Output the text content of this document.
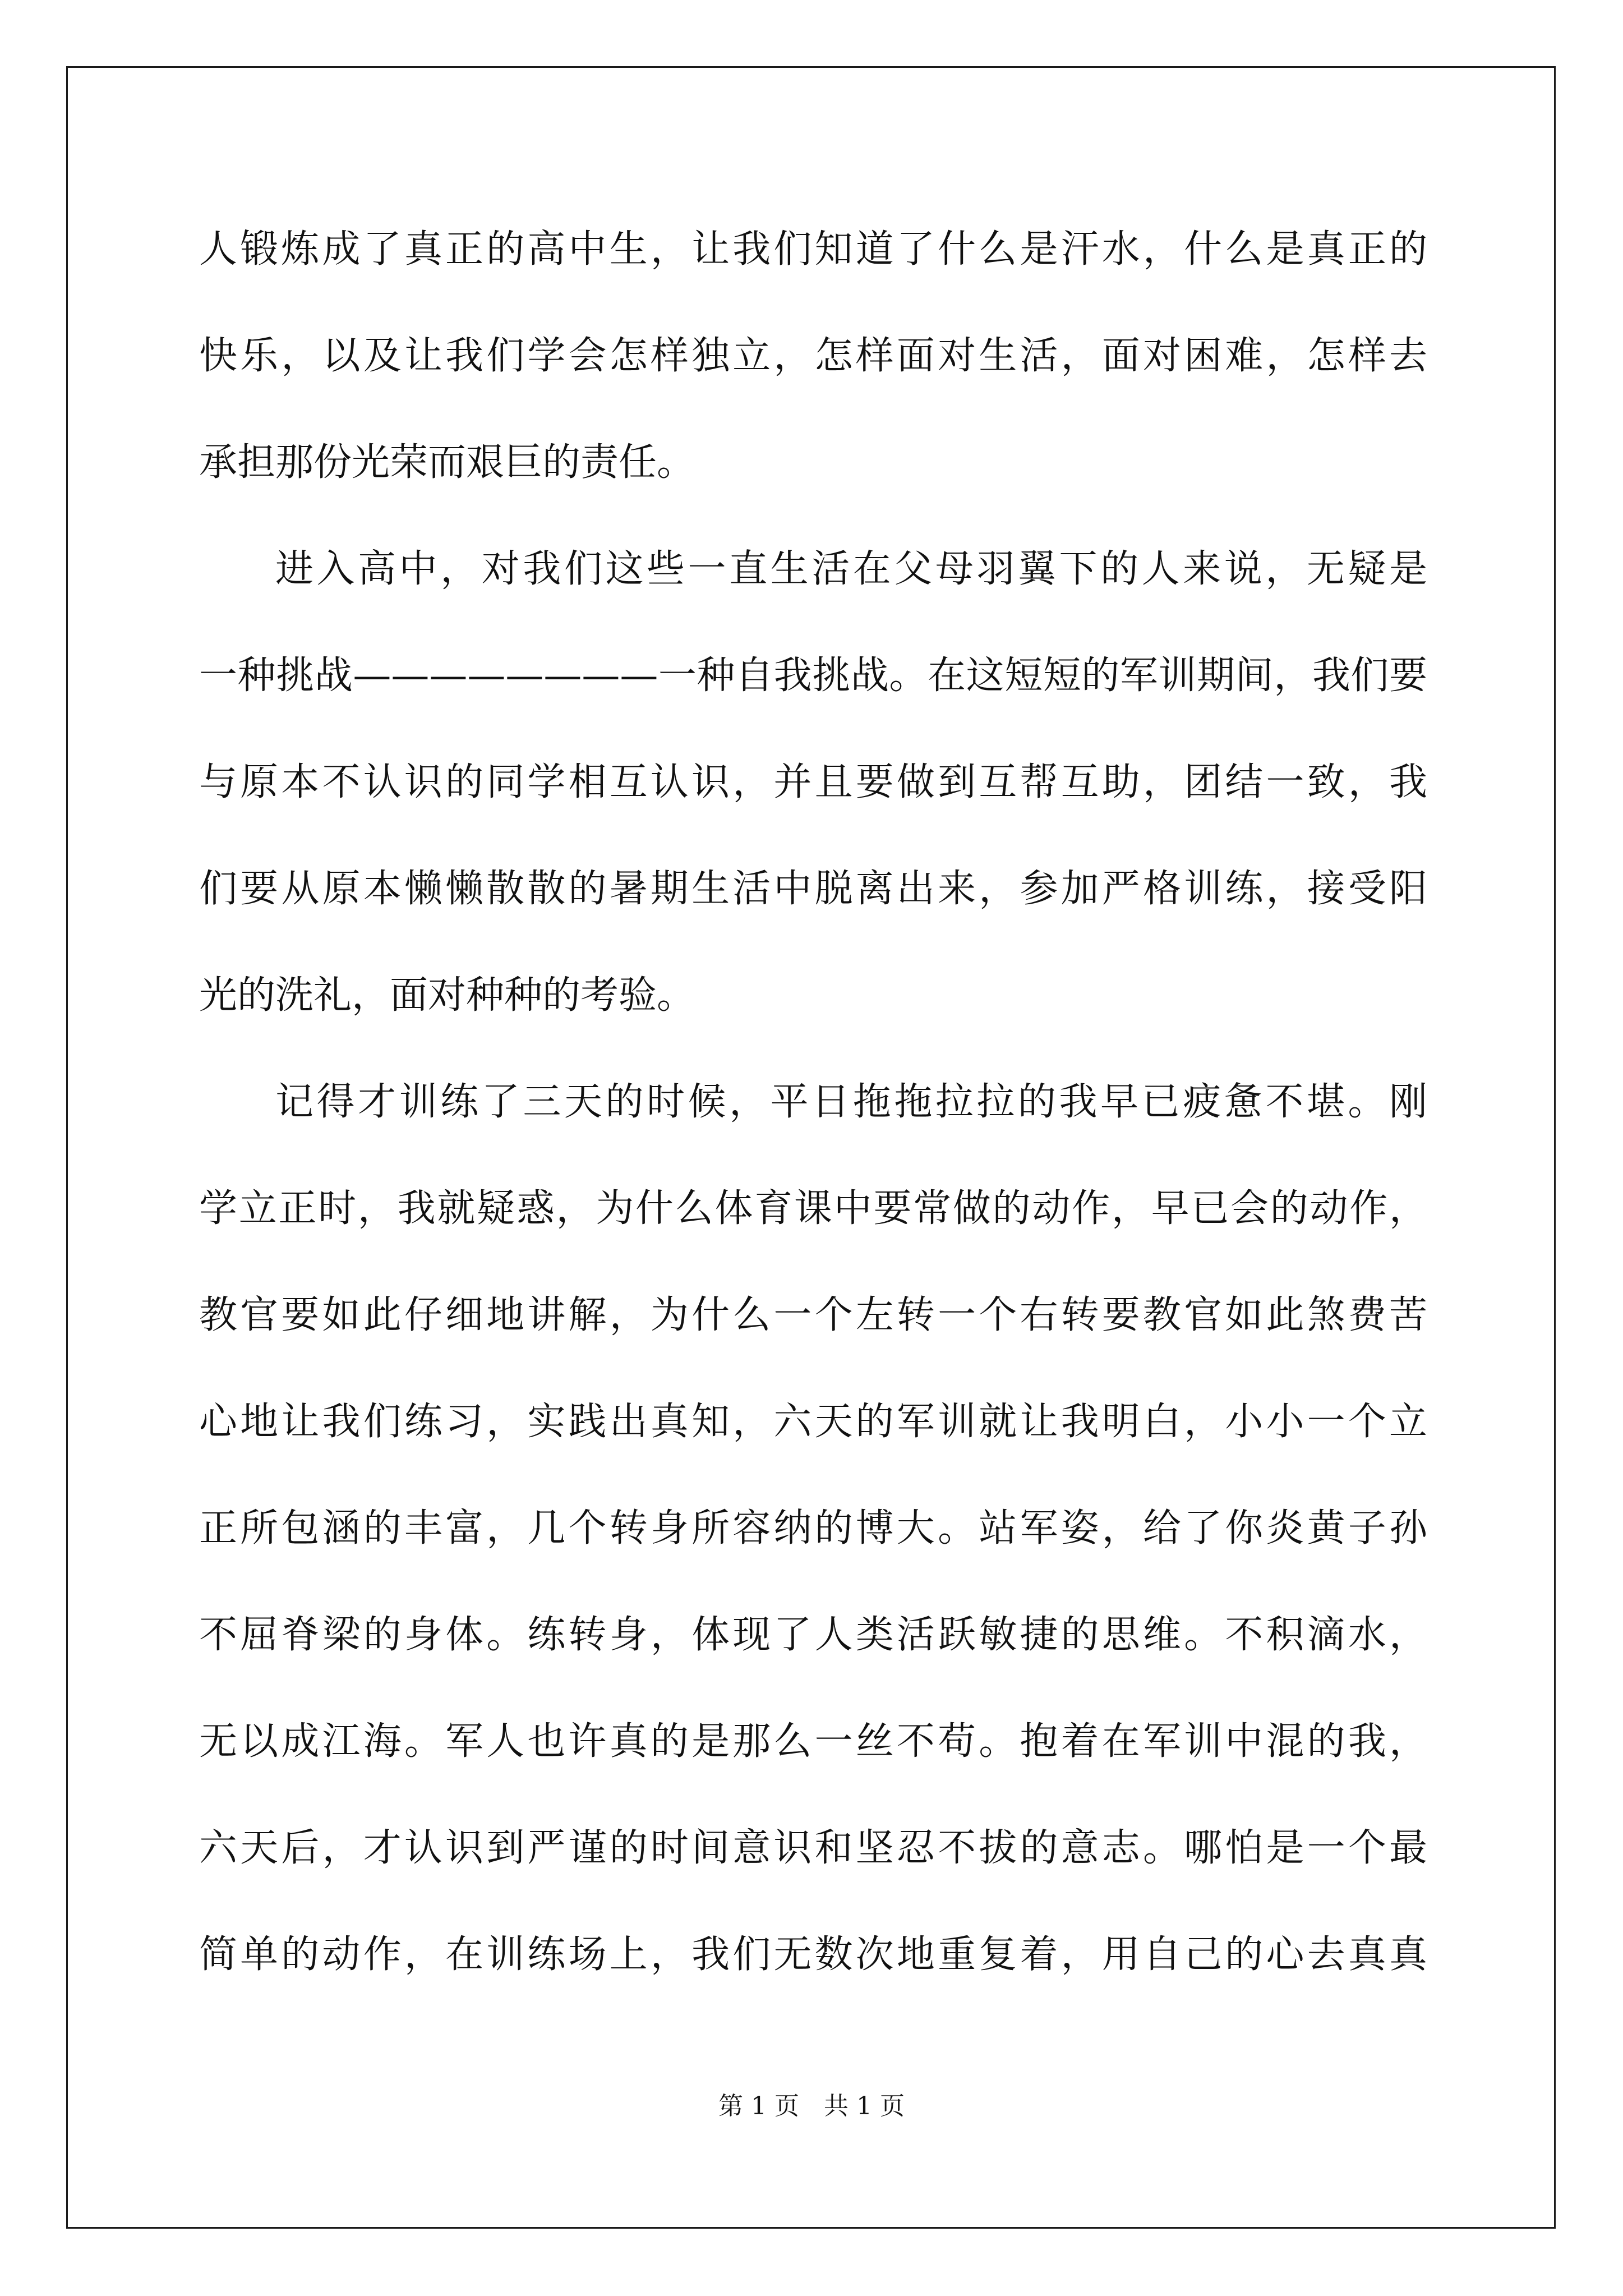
人锻炼成了真正的高中生，让我们知道了什么是汗水，什么是真正的
快乐，以及让我们学会怎样独立，怎样面对生活，面对困难，怎样去
承担那份光荣而艰巨的责任。
进入高中，对我们这些一直生活在父母羽翼下的人来说，无疑是
一种挑战————————一种自我挑战。在这短短的军训期间，我们要
与原本不认识的同学相互认识，并且要做到互帮互助，团结一致，我
们要从原本懒懒散散的暑期生活中脱离出来，参加严格训练，接受阳
光的洗礼，面对种种的考验。
记得才训练了三天的时候，平日拖拖拉拉的我早已疲惫不堪。刚
学立正时，我就疑惑，为什么体育课中要常做的动作，早已会的动作，
教官要如此仔细地讲解，为什么一个左转一个右转要教官如此煞费苦
心地让我们练习，实践出真知，六天的军训就让我明白，小小一个立
正所包涵的丰富，几个转身所容纳的博大。站军姿，给了你炎黄子孙
不屈脊梁的身体。练转身，体现了人类活跃敏捷的思维。不积滴水，
无以成江海。军人也许真的是那么一丝不苟。抱着在军训中混的我，
六天后，才认识到严谨的时间意识和坚忍不拔的意志。哪怕是一个最
简单的动作，在训练场上，我们无数次地重复着，用自己的心去真真
第 1 页　共 1 页
